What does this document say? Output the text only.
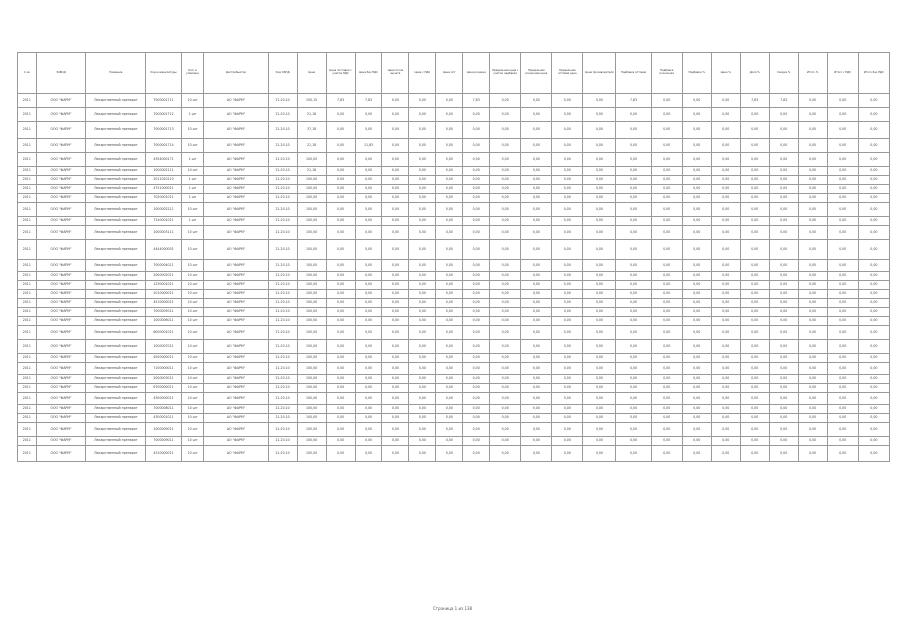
1 кв	ЗАВОД	Название	Код номенклатуры	Кол. в упаковке	Дистрибьютор	Код ОКПД	Цена	Цена поставки с учетом НДС	Цена без НДС	Цена после вычета	Цена с НДС	Цена опт	Цена розница	Предельная цена с учетом надбавки	Предельная розничная цена	Предельная оптовая цена	Цена производителя	Надбавка оптовая	Надбавка розничная	Надбавка %	Цена %	Доля %	Скидка %	Итого %	Итого с НДС	Итого без НДС
2011	ООО "ФАРМ"	Лекарственный препарат	7000001711	10 шт	АО "ФАРМ"	21.20.10	150,15	7,83	7,83	0,00	0,00	0,00	7,83	0,00	0,00	0,00	0,00	7,83	0,00	0,00	0,00	7,83	7,83	0,00	0,00	0,00
2011	ООО "ФАРМ"	Лекарственный препарат	7000001712	1 шт	АО "ФАРМ"	21.20.10	21,18	0,00	0,00	0,00	0,00	0,00	0,00	0,00	0,00	0,00	0,00	0,00	0,00	0,00	0,00	0,00	0,00	0,00	0,00	0,00
2011	ООО "ФАРМ"	Лекарственный препарат	7000001713	10 шт	АО "ФАРМ"	21.20.10	37,18	0,00	0,00	0,00	0,00	0,00	0,00	0,00	0,00	0,00	0,00	0,00	0,00	0,00	0,00	0,00	0,00	0,00	0,00	0,00
2011	ООО "ФАРМ"	Лекарственный препарат	7000001714	10 шт	АО "ФАРМ"	21.20.10	21,18	0,00	11,83	0,00	0,00	0,00	0,00	0,00	0,00	0,00	0,00	0,00	0,00	0,00	0,00	0,00	0,00	0,00	0,00	0,00
2011	ООО "ФАРМ"	Лекарственный препарат	4354000171	1 шт	АО "ФАРМ"	21.20.10	100,00	0,00	0,00	0,00	0,00	0,00	0,00	0,00	0,00	0,00	0,00	0,00	0,00	0,00	0,00	0,00	0,00	0,00	0,00	0,00
2011	ООО "ФАРМ"	Лекарственный препарат	1000002111	10 шт	АО "ФАРМ"	21.20.10	21,18	0,00	0,00	0,00	0,00	0,00	0,00	0,00	0,00	0,00	0,00	0,00	0,00	0,00	0,00	0,00	0,00	0,00	0,00	0,00
2011	ООО "ФАРМ"	Лекарственный препарат	2011020110	1 шт	АО "ФАРМ"	21.20.10	100,00	0,00	0,00	0,00	0,00	0,00	0,00	0,00	0,00	0,00	0,00	0,00	0,00	0,00	0,00	0,00	0,00	0,00	0,00	0,00
2011	ООО "ФАРМ"	Лекарственный препарат	4751000011	1 шт	АО "ФАРМ"	21.20.10	100,00	0,00	0,00	0,00	0,00	0,00	0,00	0,00	0,00	0,00	0,00	0,00	0,00	0,00	0,00	0,00	0,00	0,00	0,00	0,00
2011	ООО "ФАРМ"	Лекарственный препарат	7020001011	1 шт	АО "ФАРМ"	21.20.10	100,00	0,00	0,00	0,00	0,00	0,00	0,00	0,00	0,00	0,00	0,00	0,00	0,00	0,00	0,00	0,00	0,00	0,00	0,00	0,00
2011	ООО "ФАРМ"	Лекарственный препарат	1000002211	10 шт	АО "ФАРМ"	21.20.10	100,00	0,00	0,00	0,00	0,00	0,00	0,00	0,00	0,00	0,00	0,00	0,00	0,00	0,00	0,00	0,00	0,00	0,00	0,00	0,00
2011	ООО "ФАРМ"	Лекарственный препарат	7140001011	1 шт	АО "ФАРМ"	21.20.10	100,00	0,00	0,00	0,00	0,00	0,00	0,00	0,00	0,00	0,00	0,00	0,00	0,00	0,00	0,00	0,00	0,00	0,00	0,00	0,00
2011	ООО "ФАРМ"	Лекарственный препарат	1000003111	10 шт	АО "ФАРМ"	21.20.10	100,00	0,00	0,00	0,00	0,00	0,00	0,00	0,00	0,00	0,00	0,00	0,00	0,00	0,00	0,00	0,00	0,00	0,00	0,00	0,00
2011	ООО "ФАРМ"	Лекарственный препарат	4444000001	10 шт	АО "ФАРМ"	21.20.10	100,00	0,00	0,00	0,00	0,00	0,00	0,00	0,00	0,00	0,00	0,00	0,00	0,00	0,00	0,00	0,00	0,00	0,00	0,00	0,00
2011	ООО "ФАРМ"	Лекарственный препарат	7000004011	10 шт	АО "ФАРМ"	21.20.10	100,00	0,00	0,00	0,00	0,00	0,00	0,00	0,00	0,00	0,00	0,00	0,00	0,00	0,00	0,00	0,00	0,00	0,00	0,00	0,00
2011	ООО "ФАРМ"	Лекарственный препарат	2000002011	10 шт	АО "ФАРМ"	21.20.10	100,00	0,00	0,00	0,00	0,00	0,00	0,00	0,00	0,00	0,00	0,00	0,00	0,00	0,00	0,00	0,00	0,00	0,00	0,00	0,00
2011	ООО "ФАРМ"	Лекарственный препарат	1230001011	10 шт	АО "ФАРМ"	21.20.10	100,00	0,00	0,00	0,00	0,00	0,00	0,00	0,00	0,00	0,00	0,00	0,00	0,00	0,00	0,00	0,00	0,00	0,00	0,00	0,00
2011	ООО "ФАРМ"	Лекарственный препарат	2010000011	10 шт	АО "ФАРМ"	21.20.10	100,00	0,00	0,00	0,00	0,00	0,00	0,00	0,00	0,00	0,00	0,00	0,00	0,00	0,00	0,00	0,00	0,00	0,00	0,00	0,00
2011	ООО "ФАРМ"	Лекарственный препарат	4510000011	10 шт	АО "ФАРМ"	21.20.10	100,00	0,00	0,00	0,00	0,00	0,00	0,00	0,00	0,00	0,00	0,00	0,00	0,00	0,00	0,00	0,00	0,00	0,00	0,00	0,00
2011	ООО "ФАРМ"	Лекарственный препарат	7000005011	10 шт	АО "ФАРМ"	21.20.10	100,00	0,00	0,00	0,00	0,00	0,00	0,00	0,00	0,00	0,00	0,00	0,00	0,00	0,00	0,00	0,00	0,00	0,00	0,00	0,00
2011	ООО "ФАРМ"	Лекарственный препарат	1000006011	10 шт	АО "ФАРМ"	21.20.10	100,00	0,00	0,00	0,00	0,00	0,00	0,00	0,00	0,00	0,00	0,00	0,00	0,00	0,00	0,00	0,00	0,00	0,00	0,00	0,00
2011	ООО "ФАРМ"	Лекарственный препарат	6000001011	10 шт	АО "ФАРМ"	21.20.10	100,00	0,00	0,00	0,00	0,00	0,00	0,00	0,00	0,00	0,00	0,00	0,00	0,00	0,00	0,00	0,00	0,00	0,00	0,00	0,00
2011	ООО "ФАРМ"	Лекарственный препарат	1000007011	10 шт	АО "ФАРМ"	21.20.10	100,00	0,00	0,00	0,00	0,00	0,00	0,00	0,00	0,00	0,00	0,00	0,00	0,00	0,00	0,00	0,00	0,00	0,00	0,00	0,00
2011	ООО "ФАРМ"	Лекарственный препарат	4500000011	10 шт	АО "ФАРМ"	21.20.10	100,00	0,00	0,00	0,00	0,00	0,00	0,00	0,00	0,00	0,00	0,00	0,00	0,00	0,00	0,00	0,00	0,00	0,00	0,00	0,00
2011	ООО "ФАРМ"	Лекарственный препарат	7100000011	10 шт	АО "ФАРМ"	21.20.10	100,00	0,00	0,00	0,00	0,00	0,00	0,00	0,00	0,00	0,00	0,00	0,00	0,00	0,00	0,00	0,00	0,00	0,00	0,00	0,00
2011	ООО "ФАРМ"	Лекарственный препарат	2000003011	10 шт	АО "ФАРМ"	21.20.10	100,00	0,00	0,00	0,00	0,00	0,00	0,00	0,00	0,00	0,00	0,00	0,00	0,00	0,00	0,00	0,00	0,00	0,00	0,00	0,00
2011	ООО "ФАРМ"	Лекарственный препарат	6700000011	10 шт	АО "ФАРМ"	21.20.10	100,00	0,00	0,00	0,00	0,00	0,00	0,00	0,00	0,00	0,00	0,00	0,00	0,00	0,00	0,00	0,00	0,00	0,00	0,00	0,00
2011	ООО "ФАРМ"	Лекарственный препарат	4300000011	10 шт	АО "ФАРМ"	21.20.10	100,00	0,00	0,00	0,00	0,00	0,00	0,00	0,00	0,00	0,00	0,00	0,00	0,00	0,00	0,00	0,00	0,00	0,00	0,00	0,00
2011	ООО "ФАРМ"	Лекарственный препарат	7000008011	10 шт	АО "ФАРМ"	21.20.10	100,00	0,00	0,00	0,00	0,00	0,00	0,00	0,00	0,00	0,00	0,00	0,00	0,00	0,00	0,00	0,00	0,00	0,00	0,00	0,00
2011	ООО "ФАРМ"	Лекарственный препарат	4300001011	10 шт	АО "ФАРМ"	21.20.10	100,00	0,00	0,00	0,00	0,00	0,00	0,00	0,00	0,00	0,00	0,00	0,00	0,00	0,00	0,00	0,00	0,00	0,00	0,00	0,00
2011	ООО "ФАРМ"	Лекарственный препарат	1000009011	10 шт	АО "ФАРМ"	21.20.10	100,00	0,00	0,00	0,00	0,00	0,00	0,00	0,00	0,00	0,00	0,00	0,00	0,00	0,00	0,00	0,00	0,00	0,00	0,00	0,00
2011	ООО "ФАРМ"	Лекарственный препарат	7000009011	10 шт	АО "ФАРМ"	21.20.10	100,00	0,00	0,00	0,00	0,00	0,00	0,00	0,00	0,00	0,00	0,00	0,00	0,00	0,00	0,00	0,00	0,00	0,00	0,00	0,00
2011	ООО "ФАРМ"	Лекарственный препарат	4310000011	10 шт	АО "ФАРМ"	21.20.10	100,00	0,00	0,00	0,00	0,00	0,00	0,00	0,00	0,00	0,00	0,00	0,00	0,00	0,00	0,00	0,00	0,00	0,00	0,00	0,00
Страница 1 из 138
